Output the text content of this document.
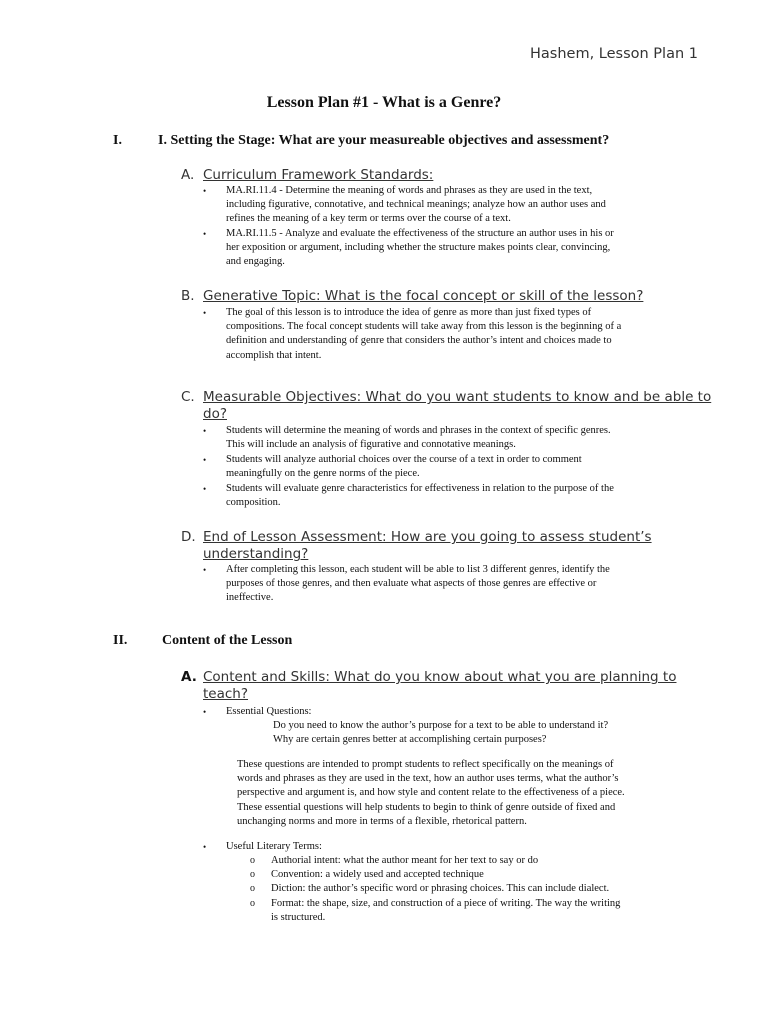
Hashem, Lesson Plan 1
Lesson Plan #1 - What is a Genre?
I.	I. Setting the Stage: What are your measureable objectives and assessment?
A. Curriculum Framework Standards:
• MA.RI.11.4 - Determine the meaning of words and phrases as they are used in the text,
including figurative, connotative, and technical meanings; analyze how an author uses and
refines the meaning of a key term or terms over the course of a text.
• MA.RI.11.5 - Analyze and evaluate the effectiveness of the structure an author uses in his or
her exposition or argument, including whether the structure makes points clear, convincing,
and engaging.
B. Generative Topic: What is the focal concept or skill of the lesson?
• The goal of this lesson is to introduce the idea of genre as more than just fixed types of
compositions. The focal concept students will take away from this lesson is the beginning of a
definition and understanding of genre that considers the author’s intent and choices made to
accomplish that intent.
C. Measurable Objectives: What do you want students to know and be able to
do?
• Students will determine the meaning of words and phrases in the context of specific genres.
This will include an analysis of figurative and connotative meanings.
• Students will analyze authorial choices over the course of a text in order to comment
meaningfully on the genre norms of the piece.
• Students will evaluate genre characteristics for effectiveness in relation to the purpose of the
composition.
D. End of Lesson Assessment: How are you going to assess student’s
understanding?
• After completing this lesson, each student will be able to list 3 different genres, identify the
purposes of those genres, and then evaluate what aspects of those genres are effective or
ineffective.
II. Content of the Lesson
A. Content and Skills: What do you know about what you are planning to
teach?
• Essential Questions:
Do you need to know the author’s purpose for a text to be able to understand it?
Why are certain genres better at accomplishing certain purposes?
These questions are intended to prompt students to reflect specifically on the meanings of
words and phrases as they are used in the text, how an author uses terms, what the author’s
perspective and argument is, and how style and content relate to the effectiveness of a piece.
These essential questions will help students to begin to think of genre outside of fixed and
unchanging norms and more in terms of a flexible, rhetorical pattern.
• Useful Literary Terms:
o Authorial intent: what the author meant for her text to say or do
o Convention: a widely used and accepted technique
o Diction: the author’s specific word or phrasing choices. This can include dialect.
o Format: the shape, size, and construction of a piece of writing. The way the writing
is structured.
